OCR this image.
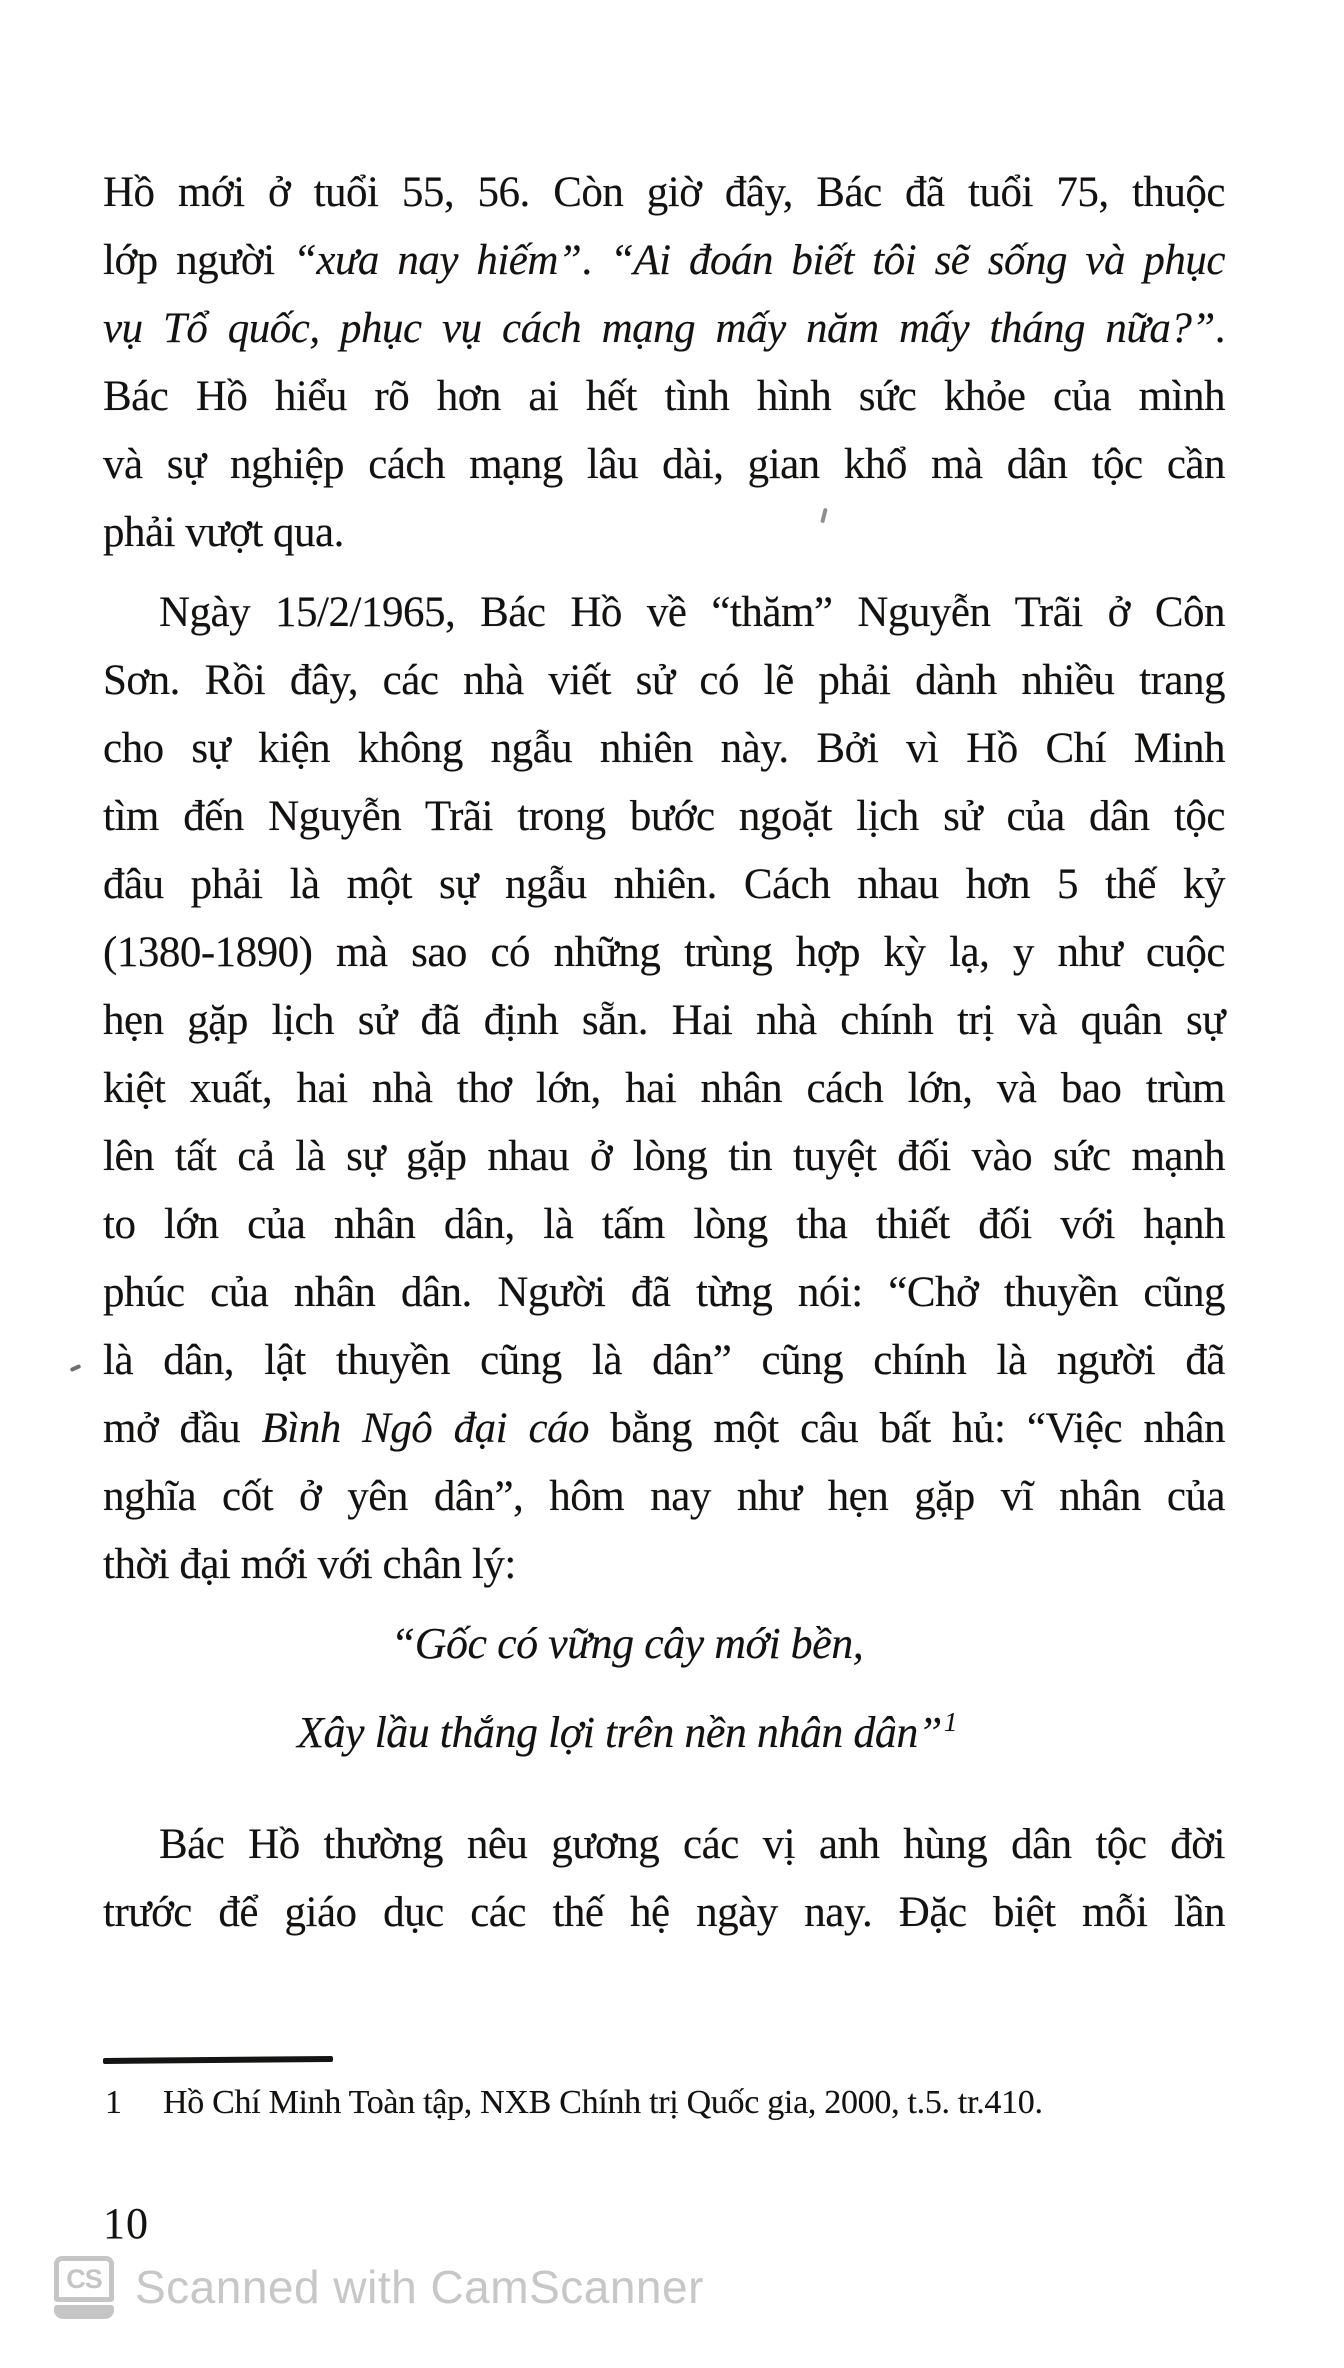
Hồ mới ở tuổi 55, 56. Còn giờ đây, Bác đã tuổi 75, thuộc
lớp người “xưa nay hiếm”. “Ai đoán biết tôi sẽ sống và phục
vụ Tổ quốc, phục vụ cách mạng mấy năm mấy tháng nữa?”.
Bác Hồ hiểu rõ hơn ai hết tình hình sức khỏe của mình
và sự nghiệp cách mạng lâu dài, gian khổ mà dân tộc cần
phải vượt qua.
Ngày 15/2/1965, Bác Hồ về “thăm” Nguyễn Trãi ở Côn
Sơn. Rồi đây, các nhà viết sử có lẽ phải dành nhiều trang
cho sự kiện không ngẫu nhiên này. Bởi vì Hồ Chí Minh
tìm đến Nguyễn Trãi trong bước ngoặt lịch sử của dân tộc
đâu phải là một sự ngẫu nhiên. Cách nhau hơn 5 thế kỷ
(1380-1890) mà sao có những trùng hợp kỳ lạ, y như cuộc
hẹn gặp lịch sử đã định sẵn. Hai nhà chính trị và quân sự
kiệt xuất, hai nhà thơ lớn, hai nhân cách lớn, và bao trùm
lên tất cả là sự gặp nhau ở lòng tin tuyệt đối vào sức mạnh
to lớn của nhân dân, là tấm lòng tha thiết đối với hạnh
phúc của nhân dân. Người đã từng nói: “Chở thuyền cũng
là dân, lật thuyền cũng là dân” cũng chính là người đã
mở đầu Bình Ngô đại cáo bằng một câu bất hủ: “Việc nhân
nghĩa cốt ở yên dân”, hôm nay như hẹn gặp vĩ nhân của
thời đại mới với chân lý:
“Gốc có vững cây mới bền,
Xây lầu thắng lợi trên nền nhân dân”$^1$
Bác Hồ thường nêu gương các vị anh hùng dân tộc đời
trước để giáo dục các thế hệ ngày nay. Đặc biệt mỗi lần
1	Hồ Chí Minh Toàn tập, NXB Chính trị Quốc gia, 2000, t.5. tr.410.
10
CS Scanned with CamScanner
